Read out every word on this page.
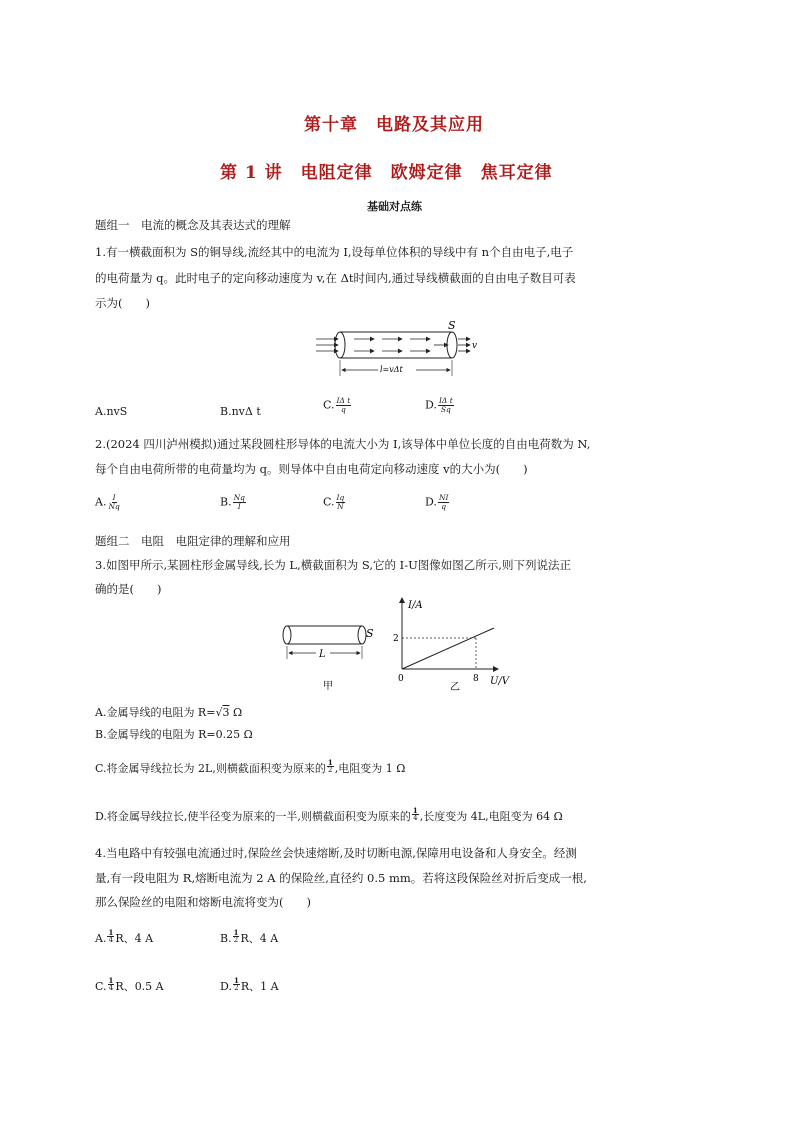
第十章　电路及其应用
第 1 讲　电阻定律　欧姆定律　焦耳定律
基础对点练
题组一　电流的概念及其表达式的理解
1.有一横截面积为 S的铜导线,流经其中的电流为 I,设每单位体积的导线中有 n个自由电子,电子
的电荷量为 q。此时电子的定向移动速度为 v,在 Δt时间内,通过导线横截面的自由电子数目可表
示为(　　)
S
v
l=vΔt
A.nvS	B.nvΔ t	C. $\frac{\text{IΔ t}}{q}$	D. $\frac{\text{IΔ t}}{Sq}$
2.(2024 四川泸州模拟)通过某段圆柱形导体的电流大小为 I,该导体中单位长度的自由电荷数为 N,
每个自由电荷所带的电荷量均为 q。则导体中自由电荷定向移动速度 v的大小为(　　)
A. $\frac{I}{Nq}$	B. $\frac{Nq}{I}$	C. $\frac{Iq}{N}$	D. $\frac{NI}{q}$
题组二　电阻　电阻定律的理解和应用
3.如图甲所示,某圆柱形金属导线,长为 L,横截面积为 S,它的 I-U图像如图乙所示,则下列说法正
确的是(　　)
S
L
甲
I/A
U/V
0
2
8
乙
A.金属导线的电阻为 R=√3 Ω
B.金属导线的电阻为 R=0.25 Ω
C.将金属导线拉长为 2L,则横截面积变为原来的 $\frac{1}{2}$ ,电阻变为 1 Ω
D.将金属导线拉长,使半径变为原来的一半,则横截面积变为原来的 $\frac{1}{4}$ ,长度变为 4L,电阻变为 64 Ω
4.当电路中有较强电流通过时,保险丝会快速熔断,及时切断电源,保障用电设备和人身安全。经测
量,有一段电阻为 R,熔断电流为 2 A 的保险丝,直径约 0.5 mm。若将这段保险丝对折后变成一根,
那么保险丝的电阻和熔断电流将变为(　　)
A. $\frac{1}{4}$ R、4 A	B. $\frac{1}{2}$ R、4 A
C. $\frac{1}{4}$ R、0.5 A	D. $\frac{1}{2}$ R、1 A
